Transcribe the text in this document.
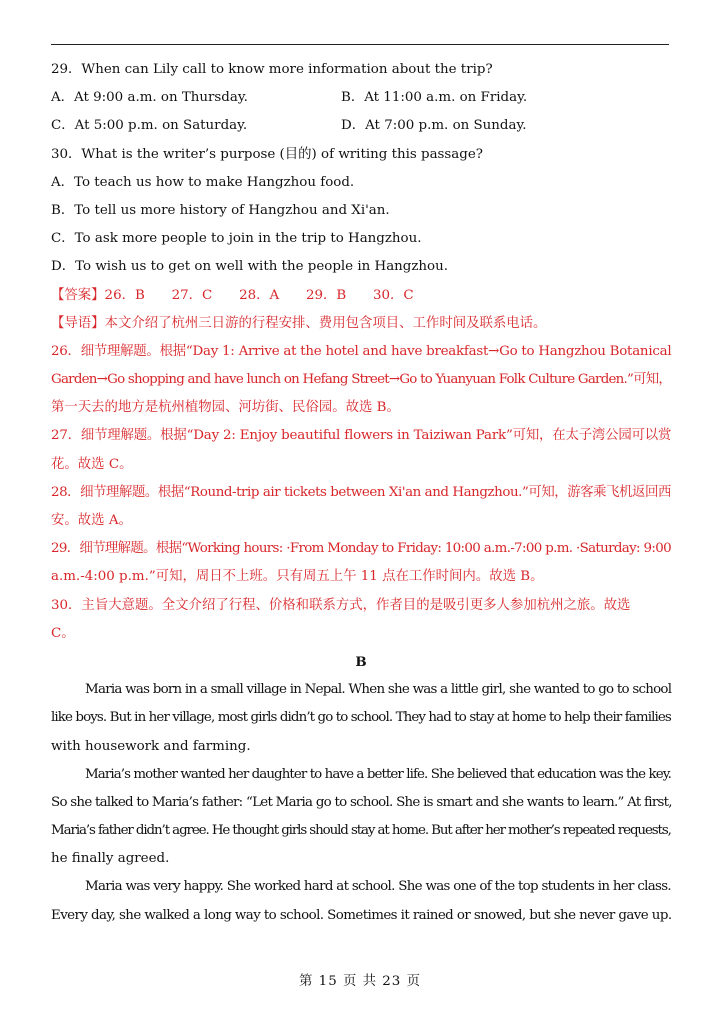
29．When can Lily call to know more information about the trip?
A．At 9:00 a.m. on Thursday.	B．At 11:00 a.m. on Friday.
C．At 5:00 p.m. on Saturday.	D．At 7:00 p.m. on Sunday.
30．What is the writer’s purpose (目的) of writing this passage?
A．To teach us how to make Hangzhou food.
B．To tell us more history of Hangzhou and Xi'an.
C．To ask more people to join in the trip to Hangzhou.
D．To wish us to get on well with the people in Hangzhou.
【答案】26．B　　27．C　　28．A　　29．B　　30．C
【导语】本文介绍了杭州三日游的行程安排、费用包含项目、工作时间及联系电话。
26．细节理解题。根据“Day 1: Arrive at the hotel and have breakfast→Go to Hangzhou Botanical
Garden→Go shopping and have lunch on Hefang Street→Go to Yuanyuan Folk Culture Garden.”可知，
第一天去的地方是杭州植物园、河坊街、民俗园。故选 B。
27．细节理解题。根据“Day 2: Enjoy beautiful flowers in Taiziwan Park”可知，在太子湾公园可以赏
花。故选 C。
28．细节理解题。根据“Round-trip air tickets between Xi'an and Hangzhou.”可知，游客乘飞机返回西
安。故选 A。
29．细节理解题。根据“Working hours: ·From Monday to Friday: 10:00 a.m.-7:00 p.m. ·Saturday: 9:00
a.m.-4:00 p.m.”可知，周日不上班。只有周五上午 11 点在工作时间内。故选 B。
30．主旨大意题。全文介绍了行程、价格和联系方式，作者目的是吸引更多人参加杭州之旅。故选
C。
B
Maria was born in a small village in Nepal. When she was a little girl, she wanted to go to school
like boys. But in her village, most girls didn’t go to school. They had to stay at home to help their families
with housework and farming.
Maria’s mother wanted her daughter to have a better life. She believed that education was the key.
So she talked to Maria’s father: “Let Maria go to school. She is smart and she wants to learn.” At first,
Maria’s father didn’t agree. He thought girls should stay at home. But after her mother’s repeated requests,
he finally agreed.
Maria was very happy. She worked hard at school. She was one of the top students in her class.
Every day, she walked a long way to school. Sometimes it rained or snowed, but she never gave up.
第 15 页 共 23 页
